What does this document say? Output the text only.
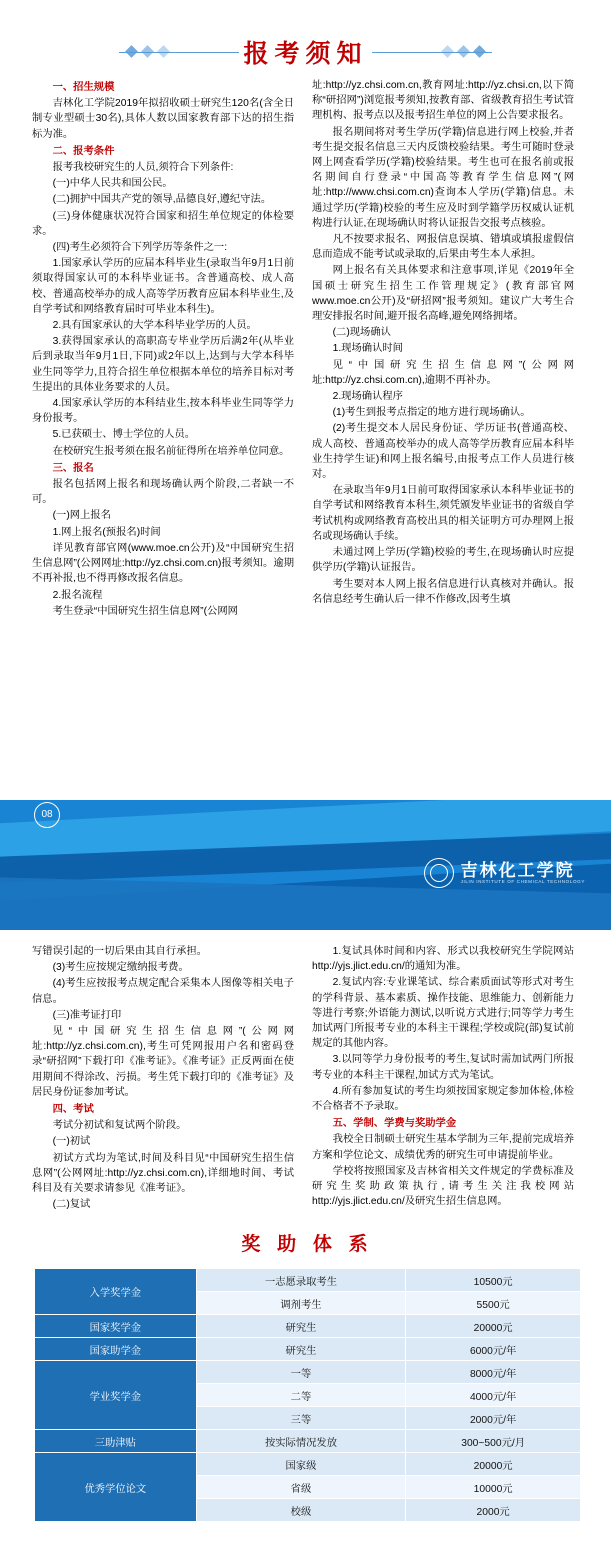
报考须知

一、招生规模

吉林化工学院2019年拟招收硕士研究生120名(含全日制专业型硕士30名),具体人数以国家教育部下达的招生指标为准。

二、报考条件

报考我校研究生的人员,须符合下列条件:

(一)中华人民共和国公民。

(二)拥护中国共产党的领导,品德良好,遵纪守法。

(三)身体健康状况符合国家和招生单位规定的体检要求。

(四)考生必须符合下列学历等条件之一:

1.国家承认学历的应届本科毕业生(录取当年9月1日前须取得国家认可的本科毕业证书。含普通高校、成人高校、普通高校举办的成人高等学历教育应届本科毕业生,及自学考试和网络教育届时可毕业本科生)。

2.具有国家承认的大学本科毕业学历的人员。

3.获得国家承认的高职高专毕业学历后满2年(从毕业后到录取当年9月1日,下同)或2年以上,达到与大学本科毕业生同等学力,且符合招生单位根据本单位的培养目标对考生提出的具体业务要求的人员。

4.国家承认学历的本科结业生,按本科毕业生同等学力身份报考。

5.已获硕士、博士学位的人员。

在校研究生报考须在报名前征得所在培养单位同意。

三、报名

报名包括网上报名和现场确认两个阶段,二者缺一不可。

(一)网上报名

1.网上报名(预报名)时间

详见教育部官网(www.moe.cn公开)及“中国研究生招生信息网”(公网网址:http://yz.chsi.com.cn)报考须知。逾期不再补报,也不得再修改报名信息。

2.报名流程

考生登录“中国研究生招生信息网”(公网网

址:http://yz.chsi.com.cn,教育网址:http://yz.chsi.cn,以下简称“研招网”)浏览报考须知,按教育部、省级教育招生考试管理机构、报考点以及报考招生单位的网上公告要求报名。

报名期间将对考生学历(学籍)信息进行网上校验,并者考生提交报名信息三天内反馈校验结果。考生可随时登录网上网查看学历(学籍)校验结果。考生也可在报名前或报名期间自行登录“中国高等教育学生信息网”(网址:http://www.chsi.com.cn)查询本人学历(学籍)信息。未通过学历(学籍)校验的考生应及时到学籍学历权威认证机构进行认证,在现场确认时将认证报告交报考点核验。

凡不按要求报名、网报信息误填、错填或填报虚假信息而造成不能考试或录取的,后果由考生本人承担。

网上报名有关具体要求和注意事项,详见《2019年全国硕士研究生招生工作管理规定》(教育部官网 www.moe.cn公开)及“研招网”报考须知。建议广大考生合理安排报名时间,避开报名高峰,避免网络拥堵。

(二)现场确认

1.现场确认时间

见“中国研究生招生信息网”(公网网址:http://yz.chsi.com.cn),逾期不再补办。

2.现场确认程序

(1)考生到报考点指定的地方进行现场确认。

(2)考生提交本人居民身份证、学历证书(普通高校、成人高校、普通高校举办的成人高等学历教育应届本科毕业生持学生证)和网上报名编号,由报考点工作人员进行核对。

在录取当年9月1日前可取得国家承认本科毕业证书的自学考试和网络教育本科生,须凭颁发毕业证书的省级自学考试机构或网络教育高校出具的相关证明方可办理网上报名或现场确认手续。

未通过网上学历(学籍)校验的考生,在现场确认时应提供学历(学籍)认证报告。

考生要对本人网上报名信息进行认真核对并确认。报名信息经考生确认后一律不作修改,因考生填

08
吉林化工学院
JILIN INSTITUTE OF CHEMICAL TECHNOLOGY

写错误引起的一切后果由其自行承担。

(3)考生应按规定缴纳报考费。

(4)考生应按报考点规定配合采集本人图像等相关电子信息。

(三)准考证打印

见“中国研究生招生信息网”(公网网址:http://yz.chsi.com.cn),考生可凭网报用户名和密码登录“研招网”下载打印《准考证》。《准考证》正反两面在使用期间不得涂改、污损。考生凭下载打印的《准考证》及居民身份证参加考试。

四、考试

考试分初试和复试两个阶段。

(一)初试

初试方式均为笔试,时间及科目见“中国研究生招生信息网”(公网网址:http://yz.chsi.com.cn),详细地时间、考试科目及有关要求请参见《准考证》。

(二)复试

1.复试具体时间和内容、形式以我校研究生学院网站http://yjs.jlict.edu.cn/的通知为准。

2.复试内容:专业课笔试、综合素质面试等形式对考生的学科背景、基本素质、操作技能、思维能力、创新能力等进行考察;外语能力测试,以听说方式进行;同等学力考生加试两门所报考专业的本科主干课程;学校或院(部)复试前规定的其他内容。

3.以同等学力身份报考的考生,复试时需加试两门所报考专业的本科主干课程,加试方式为笔试。

4.所有参加复试的考生均须按国家规定参加体检,体检不合格者不予录取。

五、学制、学费与奖助学金

我校全日制硕士研究生基本学制为三年,提前完成培养方案和学位论文、成绩优秀的研究生可申请提前毕业。

学校将按照国家及吉林省相关文件规定的学费标准及研究生奖助政策执行,请考生关注我校网站http://yjs.jlict.edu.cn/及研究生招生信息网。

奖 助 体 系
入学奖学金	一志愿录取考生	10500元
	调剂考生	5500元
国家奖学金	研究生	20000元
国家助学金	研究生	6000元/年
学业奖学金	一等	8000元/年
	二等	4000元/年
	三等	2000元/年
三助津贴	按实际情况发放	300~500元/月
优秀学位论文	国家级	20000元
	省级	10000元
	校级	2000元
